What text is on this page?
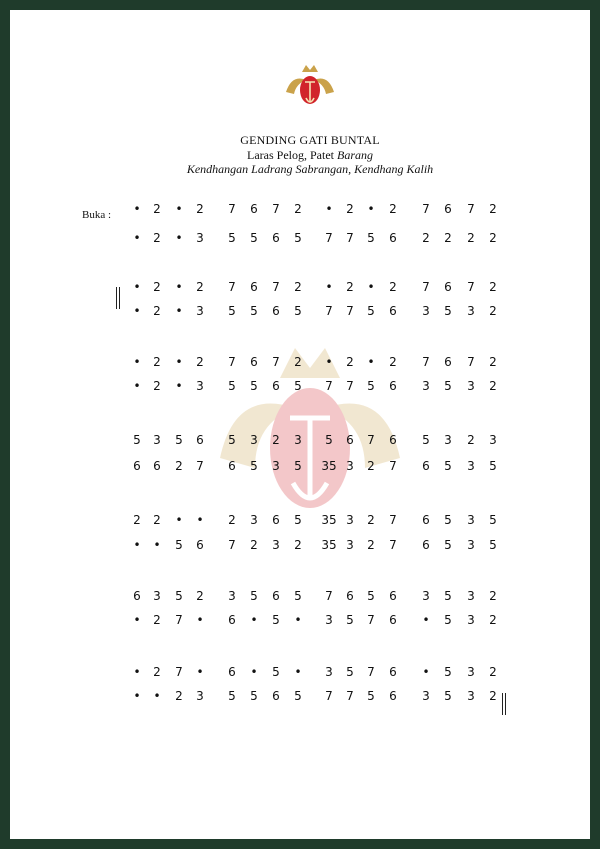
GENDING GATI BUNTAL
Laras Pelog, Patet Barang
Kendhangan Ladrang Sabrangan, Kendhang Kalih
Buka :	•	2	•	2	7	6	7	2	•	2	•	2	7	6	7	2
•	2	•	3	5	5	6	5	7	7	5	6	2	2	2	2
•	2	•	2	7	6	7	2	•	2	•	2	7	6	7	2
•	2	•	3	5	5	6	5	7	7	5	6	3	5	3	2
•	2	•	2	7	6	7	2	•	2	•	2	7	6	7	2
•	2	•	3	5	5	6	5	7	7	5	6	3	5	3	2
5	3	5	6	5	3	2	3	5	6	7	6	5	3	2	3
6	6	2	7	6	5	3	5	35 3	2	7	6	5	3	5
2	2	•	•	2	3	6	5	35 3	2	7	6	5	3	5
•	•	5	6	7	2	3	2	35 3	2	7	6	5	3	5
6	3	5	2	3	5	6	5	7	6	5	6	3	5	3	2
•	2	7	•	6	•	5	•	3	5	7	6	•	5	3	2
•	2	7	•	6	•	5	•	3	5	7	6	•	5	3	2
•	•	2	3	5	5	6	5	7	7	5	6	3	5	3	2
